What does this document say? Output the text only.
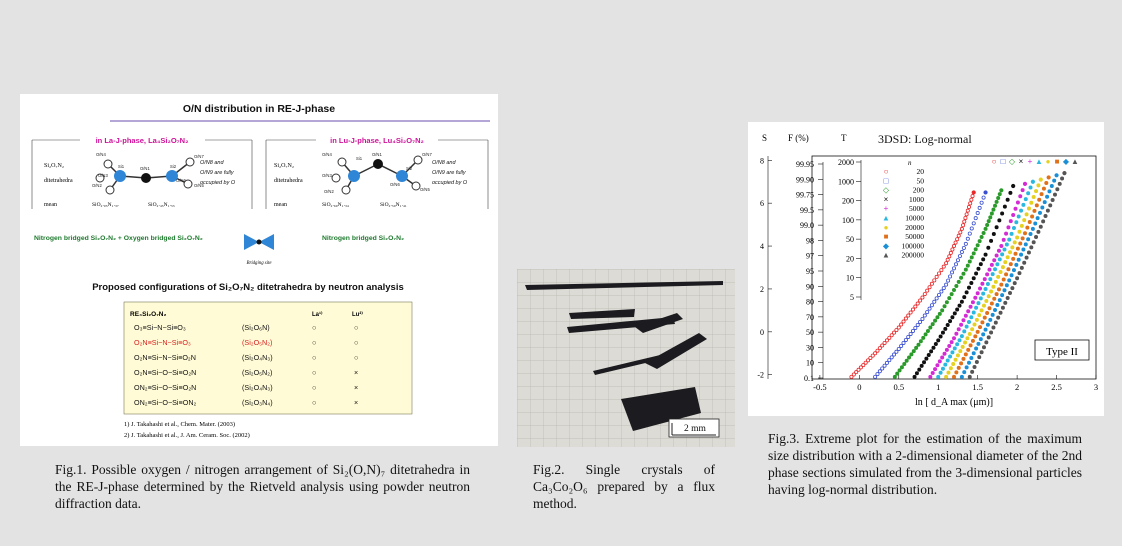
O/N distribution in RE-J-phase
in La-J-phase, La₄Si₂O₇N₂
Si₂O₇N₂
ditetrahedra
mean
O/N4	O/N7
O/N3
O/N2
Si1	O/N1	Si2
O/N6
O/N5
O/N8 and
O/N9 are fully
occupied by O
SiO₂.₀₅N₁.₃₇	SiO₂.₄₅N₁.₅₅
in Lu-J-phase, Lu₄Si₂O₇N₂
Si₂O₇N₂
ditetrahedra
mean
O/N4	O/N7
O/N3
O/N2
Si1
O/N1
Si2
O/N6
O/N5
O/N8 and
O/N9 are fully
occupied by O
SiO₂.₆₀N₁.₃₄	SiO₂.₅₉N₁.₄₁
Nitrogen bridged Si₂O₇N₂ + Oxygen bridged Si₂O₇N₂	Nitrogen bridged Si₂O₇N₂
Bridging site
Proposed configurations of Si₂O₇N₂ ditetrahedra by neutron analysis
RE₄Si₂O₇N₂	La¹⁾	Lu²⁾
O₃≡Si−N−Si≡O₃	(Si₂O₆N)	○	○
O₂N≡Si−N−Si≡O₃	(Si₂O₅N₂)	○	○
O₂N≡Si−N−Si≡O₂N	(Si₂O₄N₃)	○	○
O₂N≡Si−O−Si≡O₂N	(Si₂O₅N₂)	○	×
ON₂≡Si−O−Si≡O₂N	(Si₂O₄N₃)	○	×
ON₂≡Si−O−Si≡ON₂	(Si₂O₃N₄)	○	×
1) J. Takahashi et al., Chem. Mater. (2003)
2) J. Takahashi et al., J. Am. Ceram. Soc. (2002)
Fig.1. Possible oxygen / nitrogen arrangement of Si₂(O,N)₇ ditetrahedra in the RE-J-phase determined by the Rietveld analysis using powder neutron diffraction data.
2 mm
Fig.2. Single crystals of Ca₃Co₂O₆ prepared by a flux method.
3DSD: Log-normal
S F (%)	T
8
6
4
2
0
-2
99.95
99.90
99.75
99.5
99.0
98
97
95
90
80
70
50
30
10
0.1
2000
1000
200
100
50
20
10
5
-0.5	0	0.5	1	1.5	2	2.5	3
n
○	20
□	50
◇	200
×	1000
+	5000
▲ 10000
● 20000
■ 50000
◆ 100000
▲ 200000
○ □ ◇ × + ▲ ● ■ ◆ ▲
Type II
ln [ d_A max (μm)]
Fig.3. Extreme plot for the estimation of the maximum size distribution with a 2-dimensional diameter of the 2nd phase sections simulated from the 3-dimensional particles having log-normal distribution.
